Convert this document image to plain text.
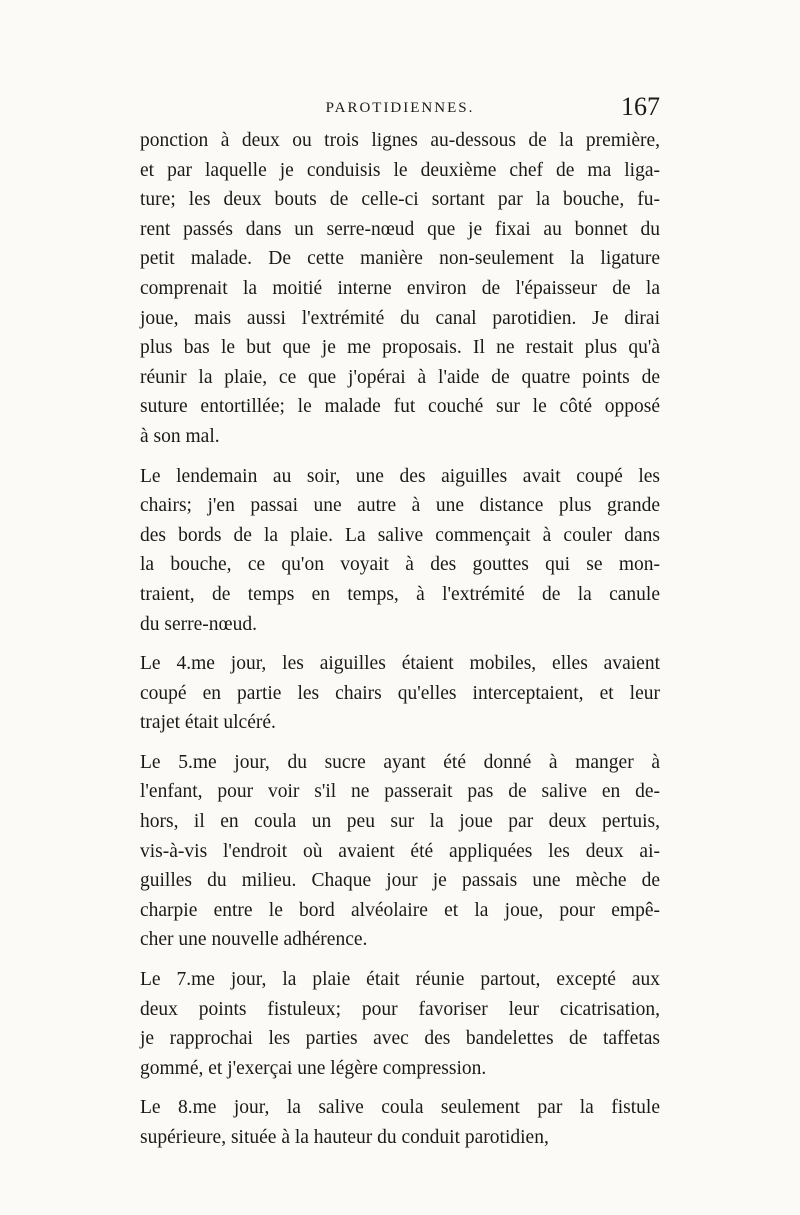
PAROTIDIENNES.	167
ponction à deux ou trois lignes au-dessous de la première,
et par laquelle je conduisis le deuxième chef de ma liga-
ture; les deux bouts de celle-ci sortant par la bouche, fu-
rent passés dans un serre-nœud que je fixai au bonnet du
petit malade. De cette manière non-seulement la ligature
comprenait la moitié interne environ de l'épaisseur de la
joue, mais aussi l'extrémité du canal parotidien. Je dirai
plus bas le but que je me proposais. Il ne restait plus qu'à
réunir la plaie, ce que j'opérai à l'aide de quatre points de
suture entortillée; le malade fut couché sur le côté opposé
à son mal.
Le lendemain au soir, une des aiguilles avait coupé les
chairs; j'en passai une autre à une distance plus grande
des bords de la plaie. La salive commençait à couler dans
la bouche, ce qu'on voyait à des gouttes qui se mon-
traient, de temps en temps, à l'extrémité de la canule
du serre-nœud.
Le 4.me jour, les aiguilles étaient mobiles, elles avaient
coupé en partie les chairs qu'elles interceptaient, et leur
trajet était ulcéré.
Le 5.me jour, du sucre ayant été donné à manger à
l'enfant, pour voir s'il ne passerait pas de salive en de-
hors, il en coula un peu sur la joue par deux pertuis,
vis-à-vis l'endroit où avaient été appliquées les deux ai-
guilles du milieu. Chaque jour je passais une mèche de
charpie entre le bord alvéolaire et la joue, pour empê-
cher une nouvelle adhérence.
Le 7.me jour, la plaie était réunie partout, excepté aux
deux points fistuleux; pour favoriser leur cicatrisation,
je rapprochai les parties avec des bandelettes de taffetas
gommé, et j'exerçai une légère compression.
Le 8.me jour, la salive coula seulement par la fistule
supérieure, située à la hauteur du conduit parotidien,
